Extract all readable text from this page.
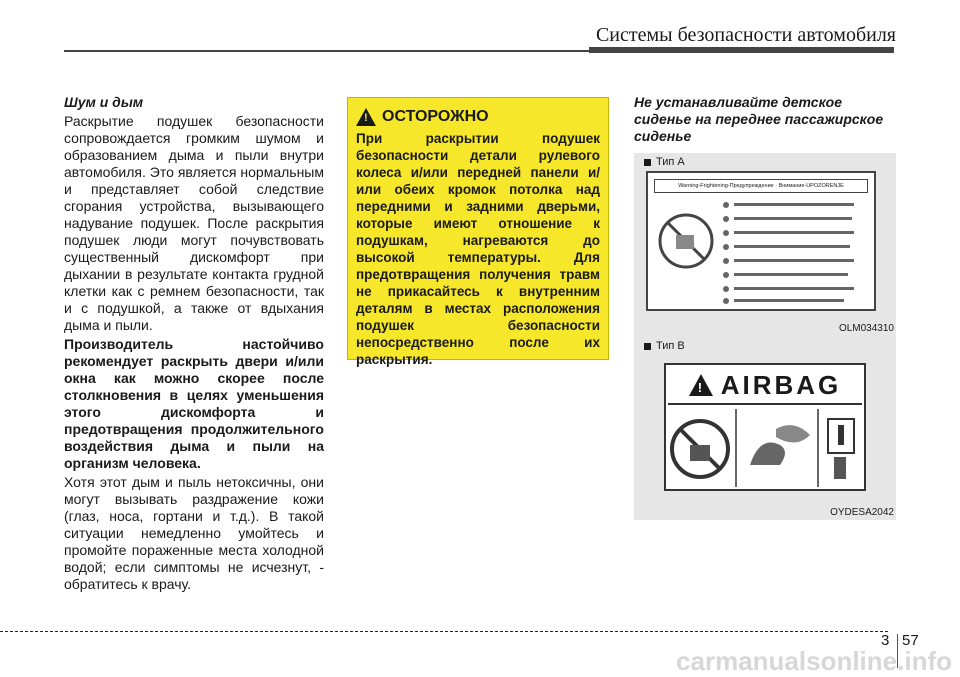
Системы безопасности автомобиля

Шум и дым

Раскрытие подушек безопасности сопровождается громким шумом и образованием дыма и пыли внутри автомобиля. Это является нормальным и представляет собой следствие сгорания устройства, вызывающего надувание подушек. После раскрытия подушек люди могут почувствовать существенный дискомфорт при дыхании в результате контакта грудной клетки как с ремнем безопасности, так и с подушкой, а также от вдыхания дыма и пыли.

Производитель настойчиво рекомендует раскрыть двери и/или окна как можно скорее после столкновения в целях уменьшения этого дискомфорта и предотвращения продолжительного воздействия дыма и пыли на организм человека.

Хотя этот дым и пыль нетоксичны, они могут вызывать раздражение кожи (глаз, носа, гортани и т.д.). В такой ситуации немедленно умойтесь и промойте пораженные места холодной водой; если симптомы не исчезнут, - обратитесь к врачу.

! ОСТОРОЖНО

При раскрытии подушек безопасности детали рулевого колеса и/или передней панели и/или обеих кромок потолка над передними и задними дверьми, которые имеют отношение к подушкам, нагреваются до высокой температуры. Для предотвращения получения травм не прикасайтесь к внутренним деталям в местах расположения подушек безопасности непосредственно после их раскрытия.

Не устанавливайте детское сиденье на переднее пассажирское сиденье

Тип А
Warning-Frightening-Предупреждение · Внимание-UPOZORENJE
OLM034310
Тип B
! AIRBAG
OYDESA2042
3 57
carmanualsonline.info
